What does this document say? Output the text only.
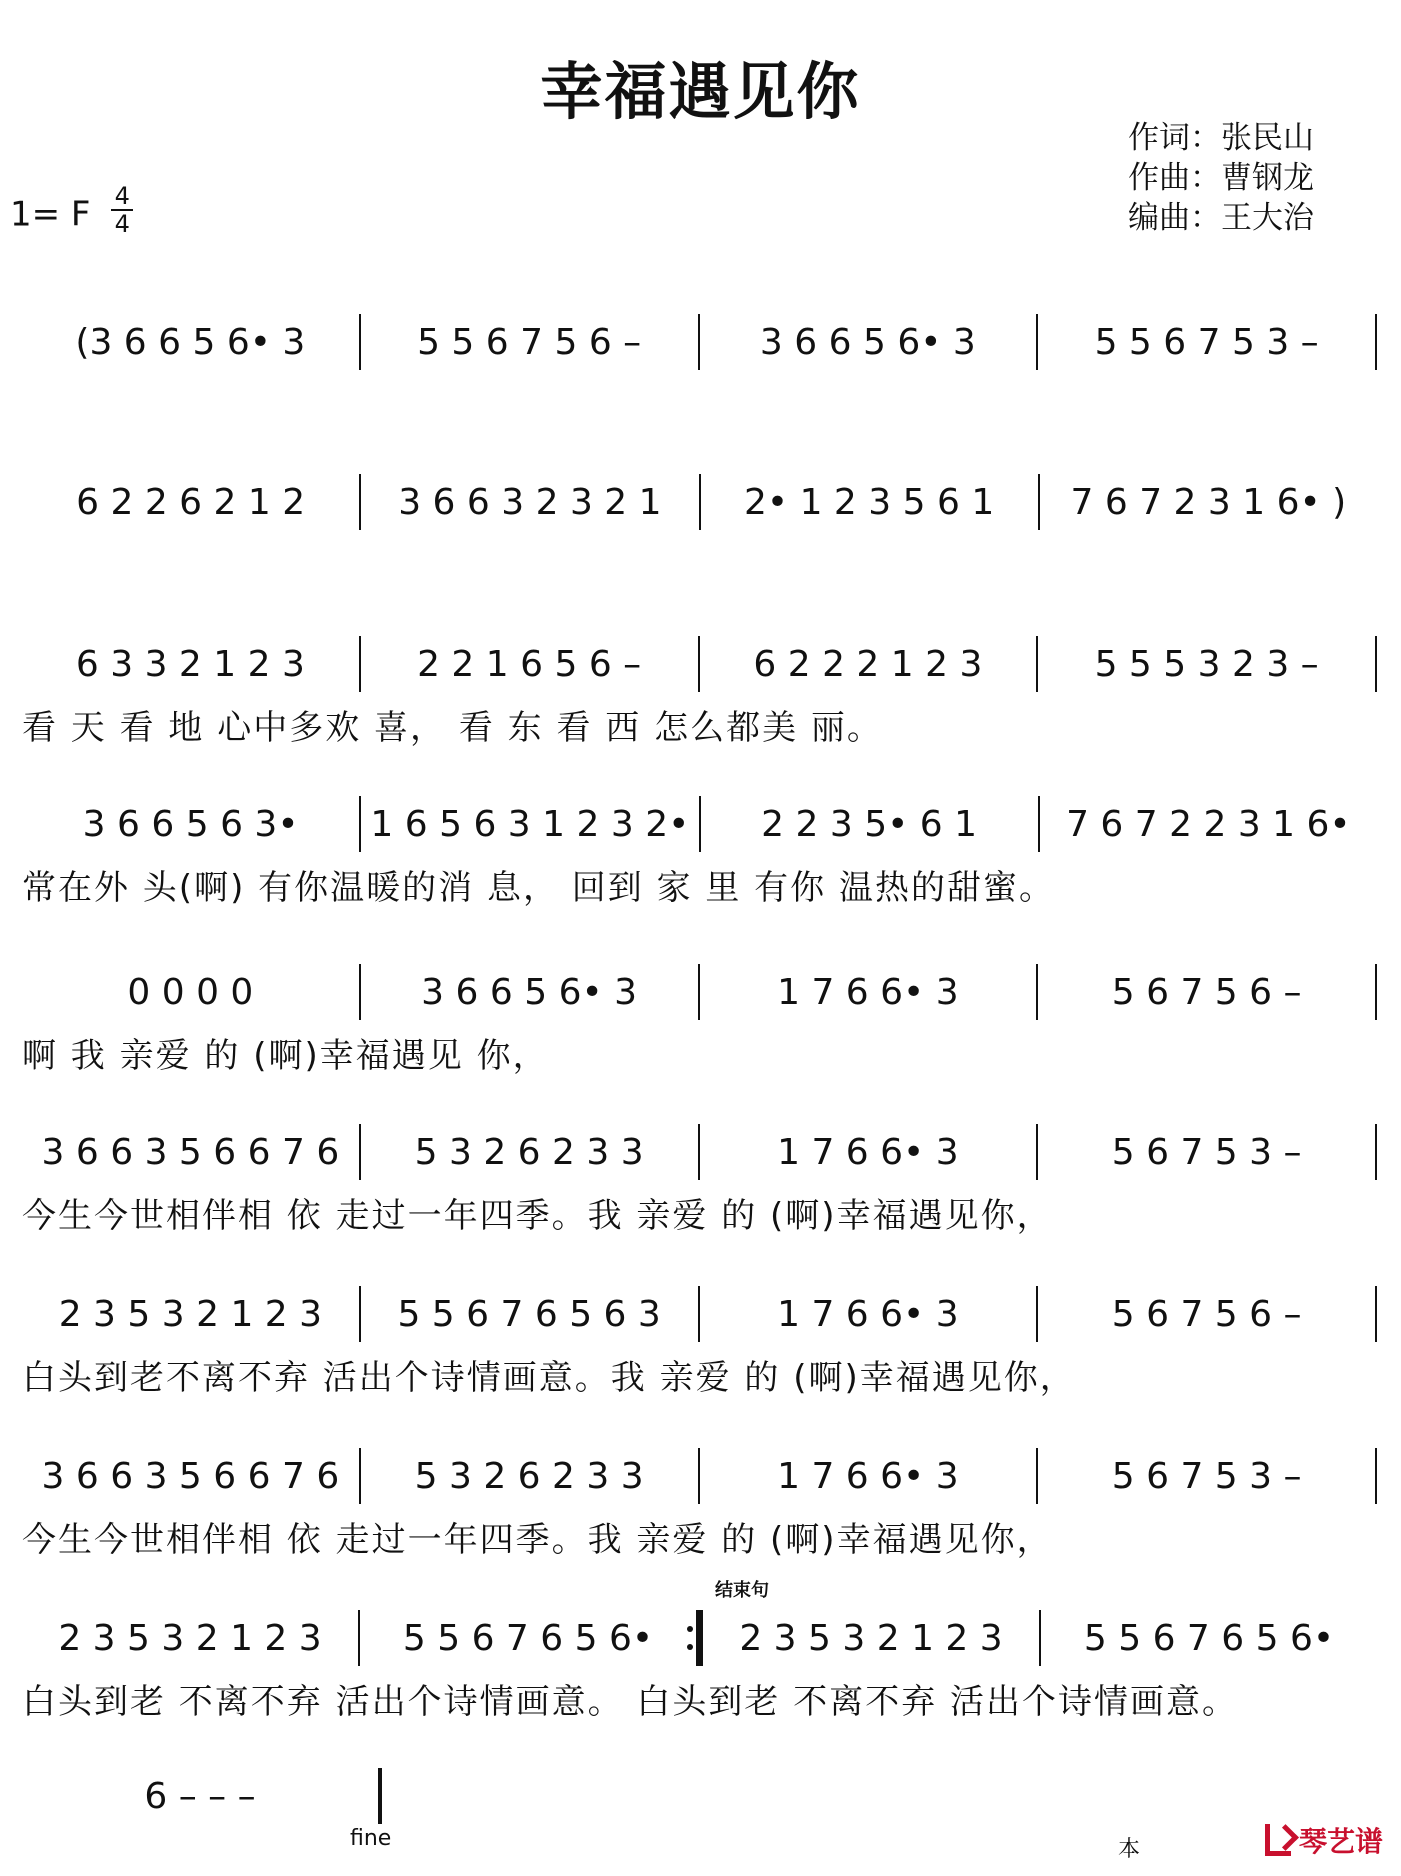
幸福遇见你
作词：张民山
作曲：曹钢龙
编曲：王大治
1= F $\frac{4}{4}$
(3 6 6 5 6• 3	5 5 6 7 5 6 –	3 6 6 5 6• 3	5 5 6 7 5 3 –
6 2 2 6 2 1 2	3 6 6 3 2 3 2 1	2• 1 2 3 5 6 1	7 6 7 2 3 1 6• )
6 3 3 2 1 2 3	2 2 1 6 5 6 –	6 2 2 2 1 2 3	5 5 5 3 2 3 –
看 天 看 地 心中多欢 喜， 看 东 看 西 怎么都美 丽。
3 6 6 5 6 3•	1 6 5 6 3 1 2 3 2•	2 2 3 5• 6 1	7 6 7 2 2 3 1 6•
常在外 头(啊) 有你温暖的消 息， 回到 家 里 有你 温热的甜蜜。
0 0 0 0	3 6 6 5 6• 3	1 7 6 6• 3	5 6 7 5 6 –
啊 我 亲爱 的 (啊)幸福遇见 你，
3 6 6 3 5 6 6 7 6	5 3 2 6 2 3 3	1 7 6 6• 3	5 6 7 5 3 –
今生今世相伴相 依 走过一年四季。我 亲爱 的 (啊)幸福遇见你，
2 3 5 3 2 1 2 3	5 5 6 7 6 5 6 3	1 7 6 6• 3	5 6 7 5 6 –
白头到老不离不弃 活出个诗情画意。我 亲爱 的 (啊)幸福遇见你，
3 6 6 3 5 6 6 7 6	5 3 2 6 2 3 3	1 7 6 6• 3	5 6 7 5 3 –
今生今世相伴相 依 走过一年四季。我 亲爱 的 (啊)幸福遇见你，
结束句
2 3 5 3 2 1 2 3	5 5 6 7 6 5 6•	2 3 5 3 2 1 2 3	5 5 6 7 6 5 6•
白头到老 不离不弃 活出个诗情画意。 白头到老 不离不弃 活出个诗情画意。
6 – – –
fine	本	琴艺谱
